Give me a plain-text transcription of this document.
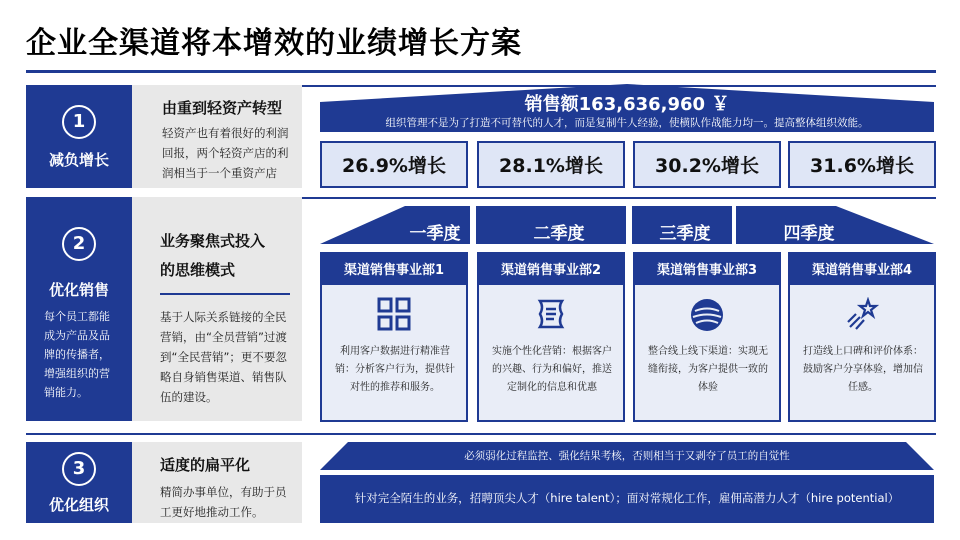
企业全渠道将本增效的业绩增长方案
1
减负增长
由重到轻资产转型
轻资产也有着很好的利润回报，两个轻资产店的利润相当于一个重资产店
销售额163,636,960 ￥
组织管理不是为了打造不可替代的人才，而是复制牛人经验，使横队作战能力均一。提高整体组织效能。
26.9%增长	28.1%增长	30.2%增长	31.6%增长
2
优化销售
每个员工都能成为产品及品牌的传播者，增强组织的营销能力。
业务聚焦式投入
的思维模式
基于人际关系链接的全民营销，由“全员营销”过渡到“全民营销”；更不要忽略自身销售渠道、销售队伍的建设。
一季度	二季度	三季度	四季度
渠道销售事业部1
利用客户数据进行精准营销：分析客户行为，提供针对性的推荐和服务。
渠道销售事业部2
实施个性化营销：根据客户的兴趣、行为和偏好，推送定制化的信息和优惠
渠道销售事业部3
整合线上线下渠道：实现无缝衔接，为客户提供一致的体验
渠道销售事业部4
打造线上口碑和评价体系：鼓励客户分享体验，增加信任感。
3
优化组织
适度的扁平化
精简办事单位，有助于员工更好地推动工作。
必须弱化过程监控、强化结果考核，否则相当于又剥夺了员工的自觉性
针对完全陌生的业务，招聘顶尖人才（hire talent）；面对常规化工作，雇佣高潜力人才（hire potential）
